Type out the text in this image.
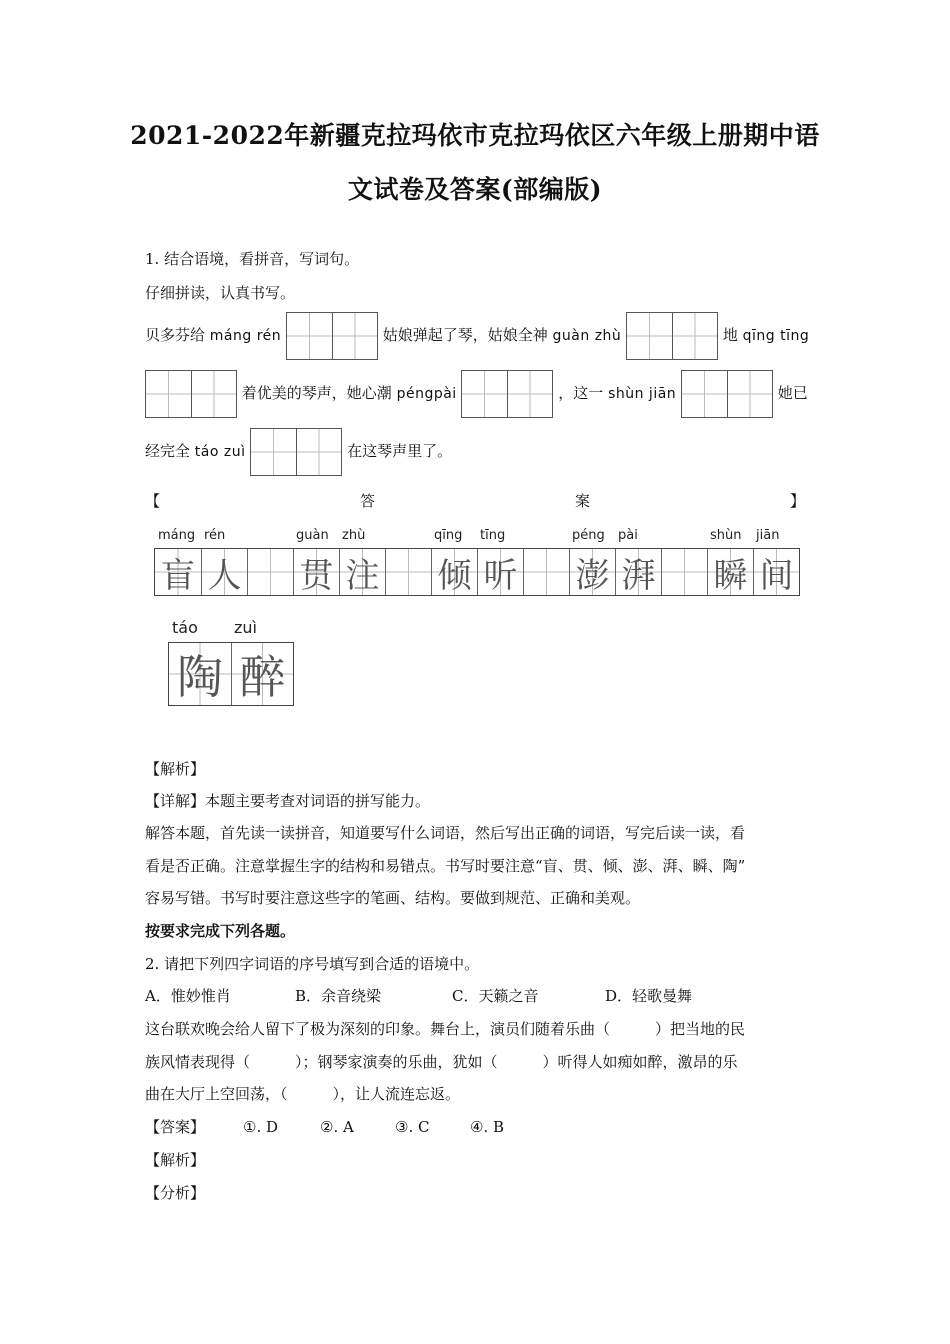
2021-2022年新疆克拉玛依市克拉玛依区六年级上册期中语
文试卷及答案(部编版)
1. 结合语境，看拼音，写词句。
仔细拼读，认真书写。
贝多芬给 máng rén	姑娘弹起了琴，姑娘全神 guàn zhù	地 qīng tīng
着优美的琴声，她心潮 péngpài	，这一 shùn jiān	她已
经完全 táo zuì	在这琴声里了。
【	答	案	】
máng rén	guàn zhù	qīng tīng	péng pài	shùn jiān
盲 人 贯 注 倾 听 澎 湃 瞬 间
táo zuì
陶 醉
【解析】
【详解】本题主要考查对词语的拼写能力。
解答本题，首先读一读拼音，知道要写什么词语，然后写出正确的词语，写完后读一读，看
看是否正确。注意掌握生字的结构和易错点。书写时要注意“盲、贯、倾、澎、湃、瞬、陶”
容易写错。书写时要注意这些字的笔画、结构。要做到规范、正确和美观。
按要求完成下列各题。
2. 请把下列四字词语的序号填写到合适的语境中。
A．惟妙惟肖	B．余音绕梁	C．天籁之音	D．轻歌曼舞
这台联欢晚会给人留下了极为深刻的印象。舞台上，演员们随着乐曲（　　　）把当地的民
族风情表现得（　　　）；钢琴家演奏的乐曲，犹如（　　　）听得人如痴如醉，激昂的乐
曲在大厅上空回荡，（　　　），让人流连忘返。
【答案】	①. D	②. A	③. C	④. B
【解析】
【分析】
